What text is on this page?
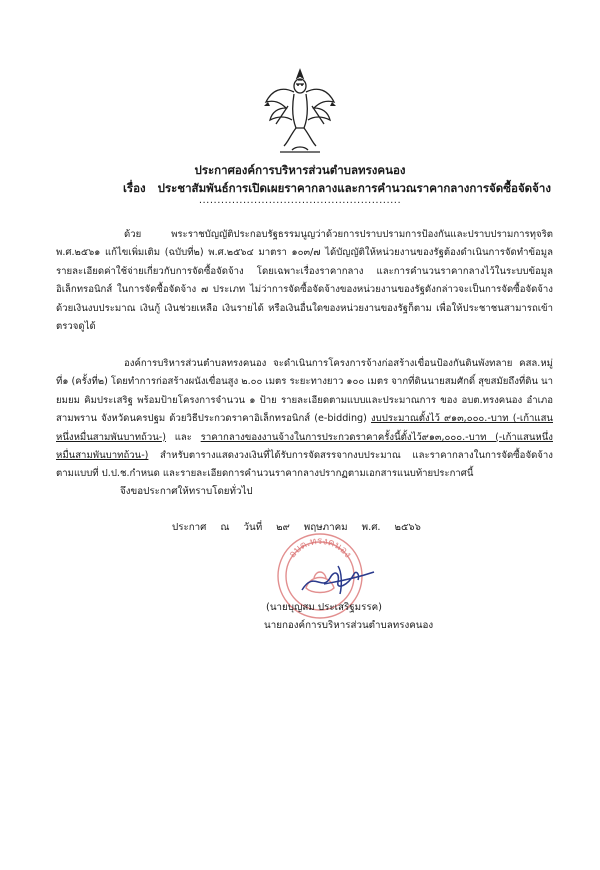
ประกาศองค์การบริหารส่วนตำบลทรงคนอง
เรื่อง ประชาสัมพันธ์การเปิดเผยราคากลางและการคำนวณราคากลางการจัดซื้อจัดจ้าง
.......................................................
ด้วย พระราชบัญญัติประกอบรัฐธรรมนูญว่าด้วยการปราบปรามการป้องกันและปราบปรามการทุจริต พ.ศ.๒๕๖๑ แก้ไขเพิ่มเติม (ฉบับที่๒) พ.ศ.๒๕๖๔ มาตรา ๑๐๓/๗ ได้บัญญัติให้หน่วยงานของรัฐต้องดำเนินการจัดทำข้อมูลรายละเอียดค่าใช้จ่ายเกี่ยวกับการจัดซื้อจัดจ้าง โดยเฉพาะเรื่องราคากลาง และการคำนวนราคากลางไว้ในระบบข้อมูลอิเล็กทรอนิกส์ ในการจัดซื้อจัดจ้าง ๗ ประเภท ไม่ว่าการจัดซื้อจัดจ้างของหน่วยงานของรัฐดังกล่าวจะเป็นการจัดซื้อจัดจ้าง ด้วยเงินงบประมาณ เงินกู้ เงินช่วยเหลือ เงินรายได้ หรือเงินอื่นใดของหน่วยงานของรัฐก็ตาม เพื่อให้ประชาชนสามารถเข้าตรวจดูได้
องค์การบริหารส่วนตำบลทรงคนอง จะดำเนินการโครงการจ้างก่อสร้างเขื่อนป้องกันดินพังทลาย คสล.หมู่ที่๑ (ครั้งที่๒) โดยทำการก่อสร้างผนังเขื่อนสูง ๒.๐๐ เมตร ระยะทางยาว ๑๐๐ เมตร จากที่ดินนายสมศักดิ์ สุขสมัยถึงที่ดิน นายมยม คิมประเสริฐ พร้อมป้ายโครงการจำนวน ๑ ป้าย รายละเอียดตามแบบและประมาณการ ของ อบต.ทรงคนอง อำเภอสามพราน จังหวัดนครปฐม ด้วยวิธีประกวดราคาอิเล็กทรอนิกส์ (e-bidding) งบประมาณตั้งไว้ ๙๑๓,๐๐๐.-บาท (-เก้าแสนหนึ่งหมื่นสามพันบาทถ้วน-) และ ราคากลางของงานจ้างในการประกวดราคาครั้งนี้ตั้งไว้๙๑๓,๐๐๐.-บาท (-เก้าแสนหนึ่งหมื่นสามพันบาทถ้วน-) สำหรับตารางแสดงวงเงินที่ได้รับการจัดสรรจากงบประมาณ และราคากลางในการจัดซื้อจัดจ้าง ตามแบบที่ ป.ป.ช.กำหนด และรายละเอียดการคำนวนราคากลางปรากฏตามเอกสารแนบท้ายประกาศนี้
จึงขอประกาศให้ทราบโดยทั่วไป
ประกาศ ณ วันที่ ๒๙ พฤษภาคม พ.ศ. ๒๕๖๖
อบต.ทรงคนอง
(นายบุญสม ประเสริฐมรรค)
นายกองค์การบริหารส่วนตำบลทรงคนอง
